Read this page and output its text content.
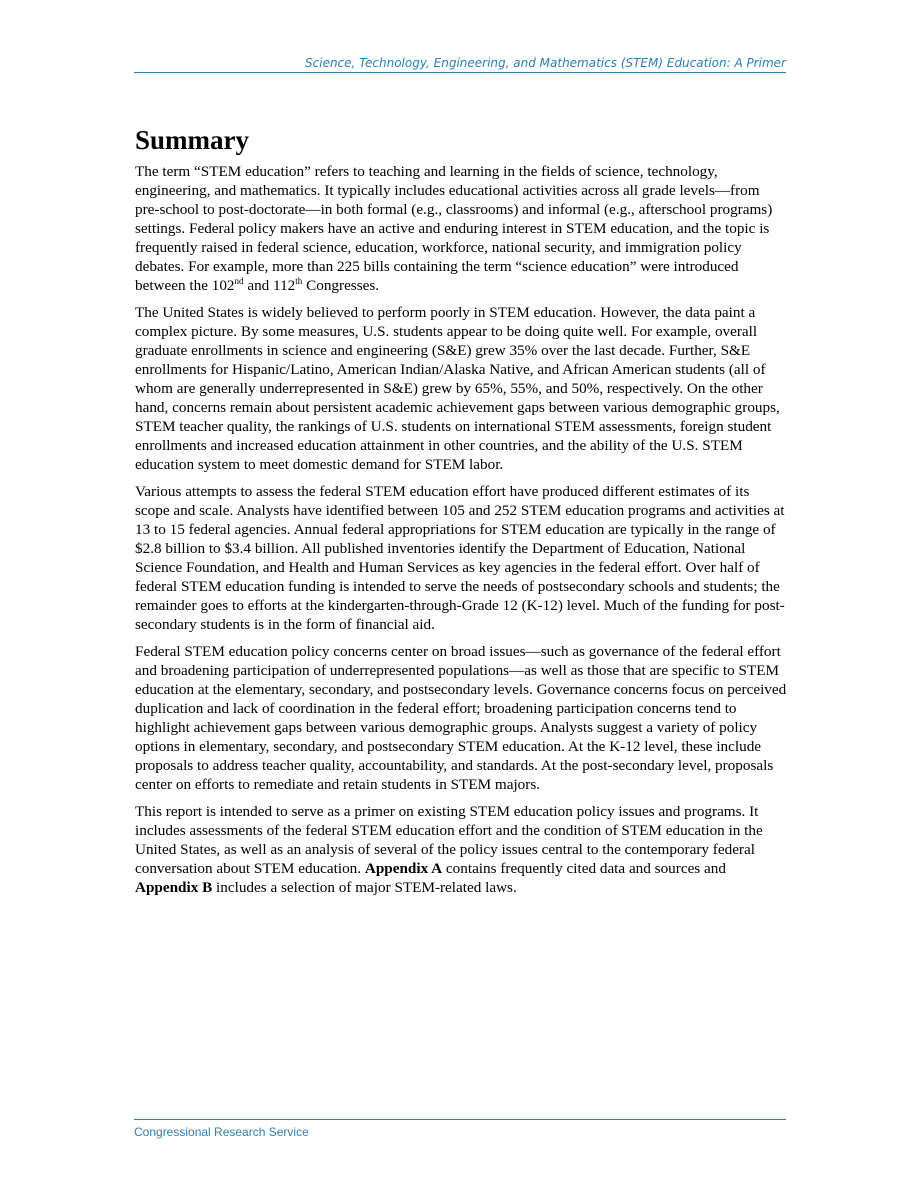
Science, Technology, Engineering, and Mathematics (STEM) Education: A Primer
Summary

The term “STEM education” refers to teaching and learning in the fields of science, technology, engineering, and mathematics. It typically includes educational activities across all grade levels—from pre-school to post-doctorate—in both formal (e.g., classrooms) and informal (e.g., afterschool programs) settings. Federal policy makers have an active and enduring interest in STEM education, and the topic is frequently raised in federal science, education, workforce, national security, and immigration policy debates. For example, more than 225 bills containing the term “science education” were introduced between the 102nd and 112th Congresses.

The United States is widely believed to perform poorly in STEM education. However, the data paint a complex picture. By some measures, U.S. students appear to be doing quite well. For example, overall graduate enrollments in science and engineering (S&E) grew 35% over the last decade. Further, S&E enrollments for Hispanic/Latino, American Indian/Alaska Native, and African American students (all of whom are generally underrepresented in S&E) grew by 65%, 55%, and 50%, respectively. On the other hand, concerns remain about persistent academic achievement gaps between various demographic groups, STEM teacher quality, the rankings of U.S. students on international STEM assessments, foreign student enrollments and increased education attainment in other countries, and the ability of the U.S. STEM education system to meet domestic demand for STEM labor.

Various attempts to assess the federal STEM education effort have produced different estimates of its scope and scale. Analysts have identified between 105 and 252 STEM education programs and activities at 13 to 15 federal agencies. Annual federal appropriations for STEM education are typically in the range of $2.8 billion to $3.4 billion. All published inventories identify the Department of Education, National Science Foundation, and Health and Human Services as key agencies in the federal effort. Over half of federal STEM education funding is intended to serve the needs of postsecondary schools and students; the remainder goes to efforts at the kindergarten-through-Grade 12 (K-12) level. Much of the funding for post-secondary students is in the form of financial aid.

Federal STEM education policy concerns center on broad issues—such as governance of the federal effort and broadening participation of underrepresented populations—as well as those that are specific to STEM education at the elementary, secondary, and postsecondary levels. Governance concerns focus on perceived duplication and lack of coordination in the federal effort; broadening participation concerns tend to highlight achievement gaps between various demographic groups. Analysts suggest a variety of policy options in elementary, secondary, and postsecondary STEM education. At the K-12 level, these include proposals to address teacher quality, accountability, and standards. At the post-secondary level, proposals center on efforts to remediate and retain students in STEM majors.

This report is intended to serve as a primer on existing STEM education policy issues and programs. It includes assessments of the federal STEM education effort and the condition of STEM education in the United States, as well as an analysis of several of the policy issues central to the contemporary federal conversation about STEM education. Appendix A contains frequently cited data and sources and Appendix B includes a selection of major STEM-related laws.

Congressional Research Service
